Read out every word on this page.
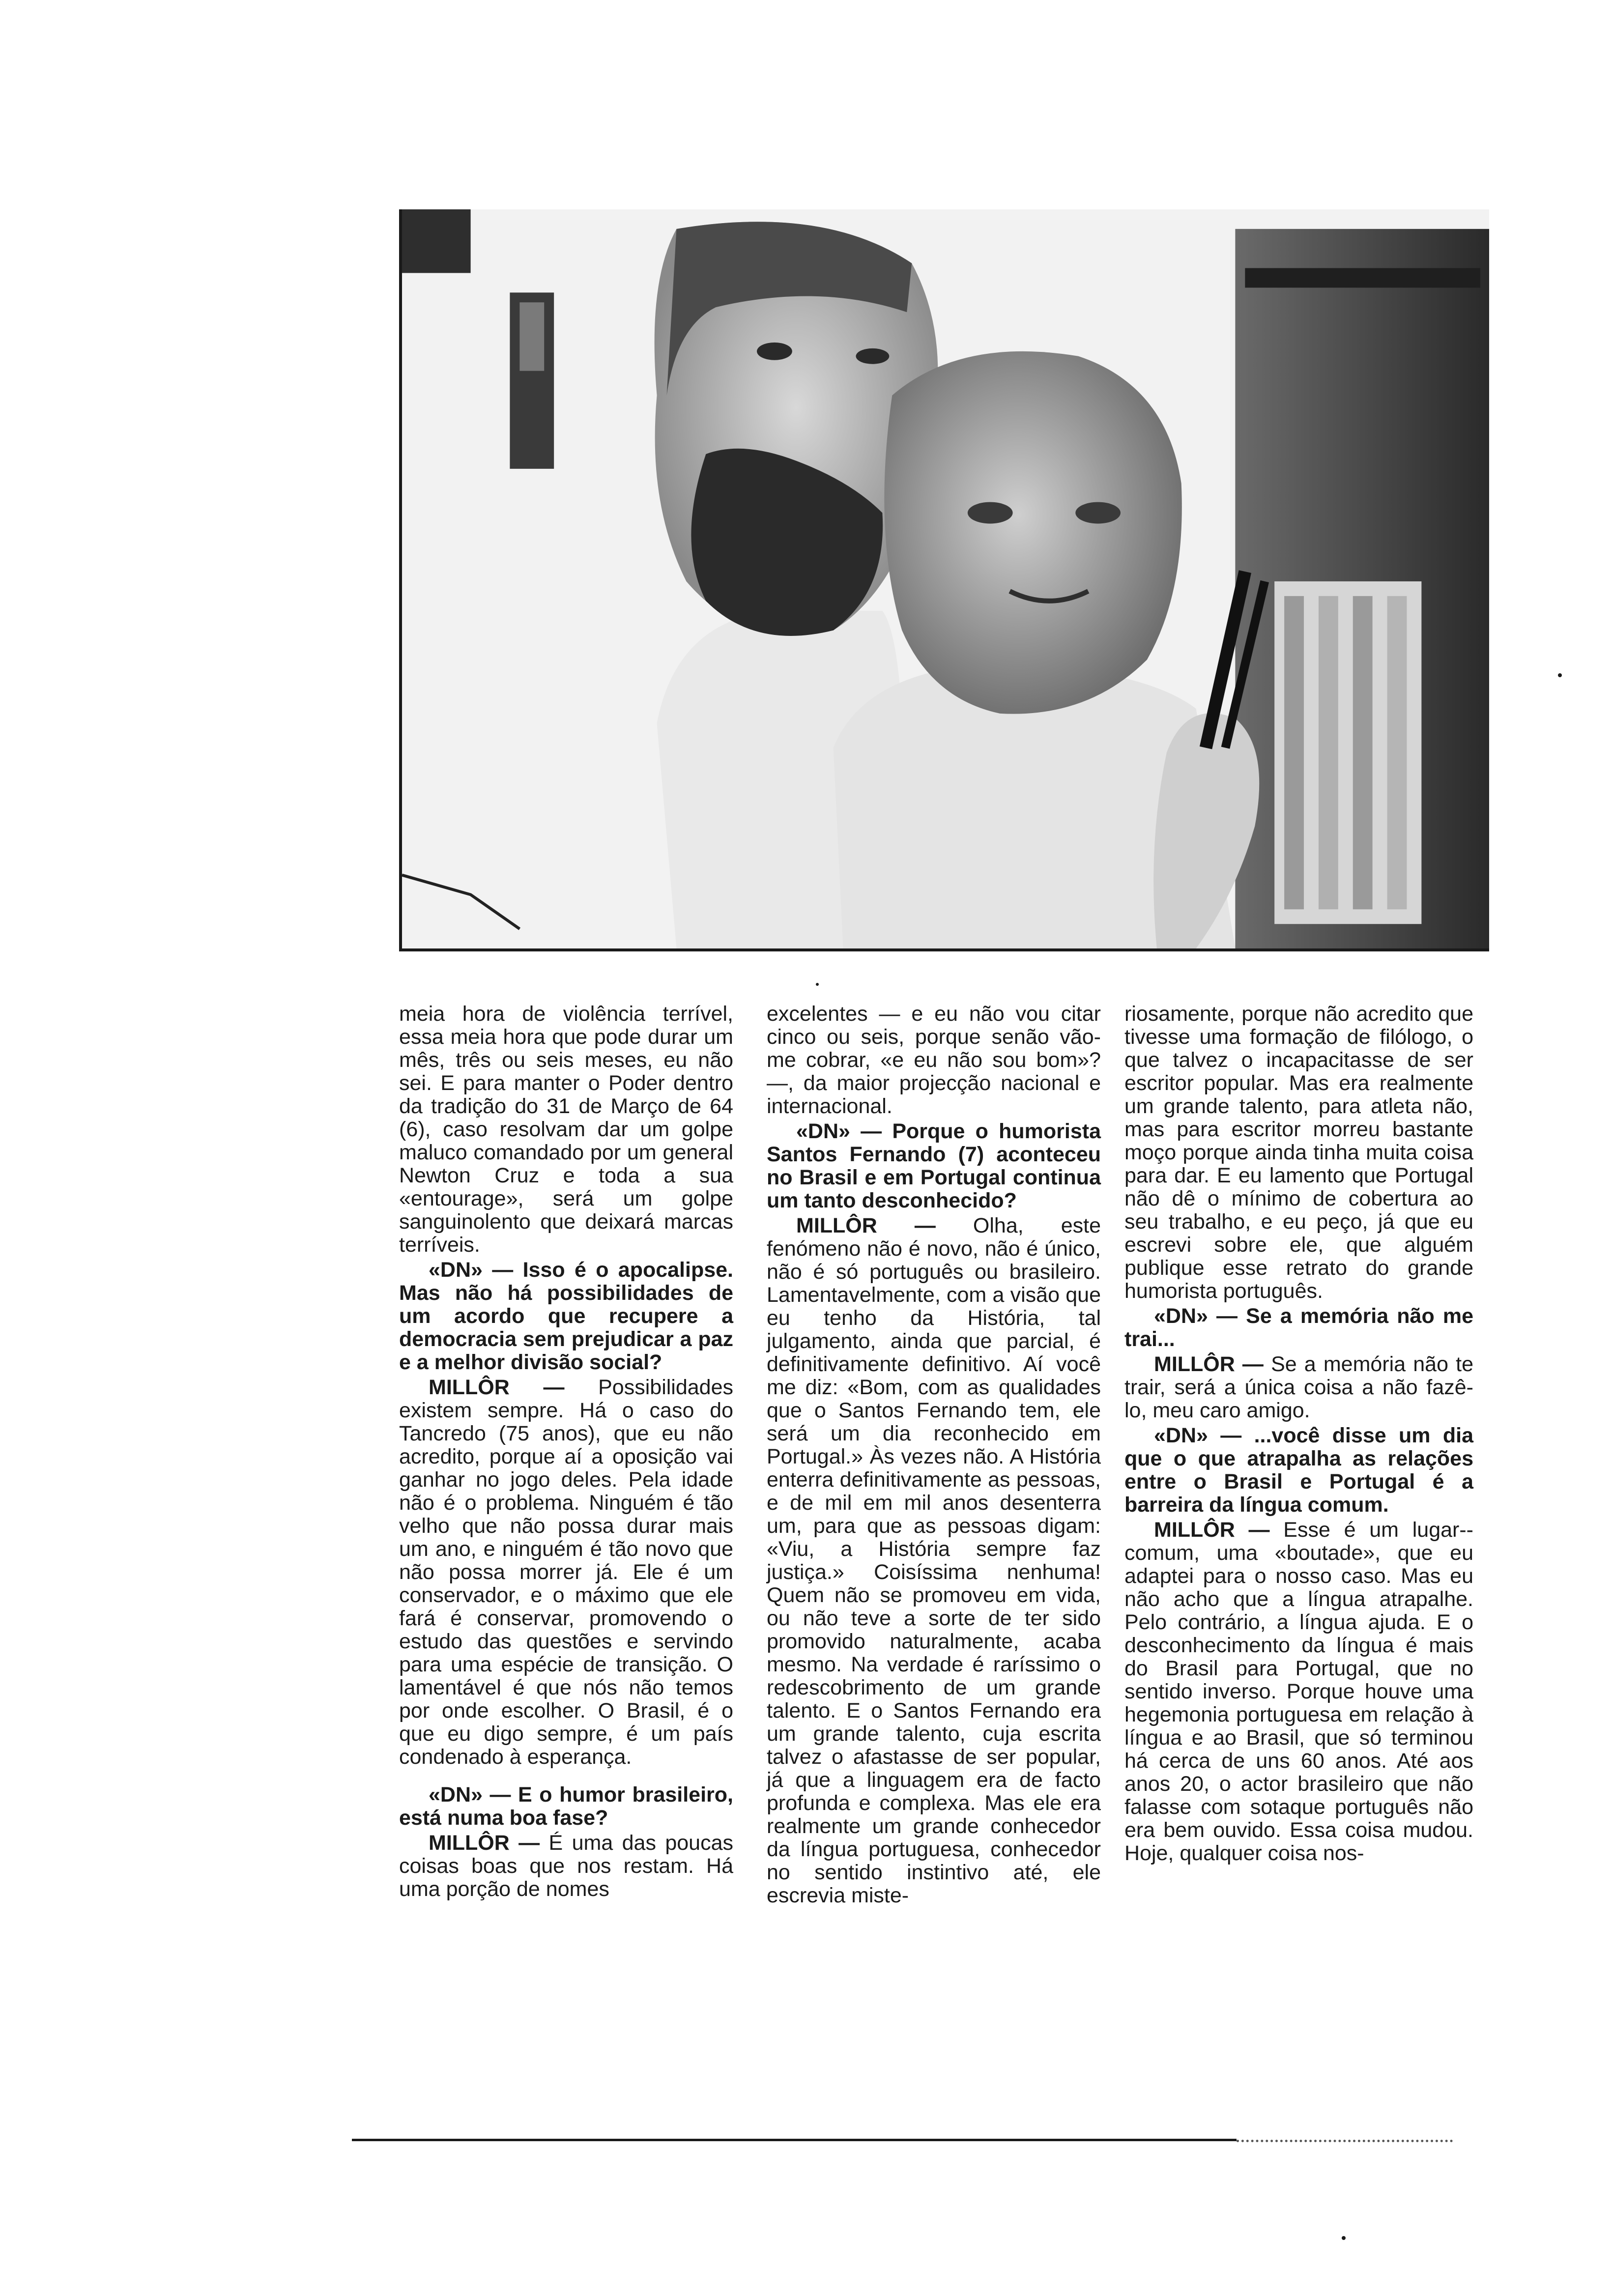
meia hora de violência terrível, essa meia hora que pode durar um mês, três ou seis meses, eu não sei. E para manter o Poder dentro da tradição do 31 de Março de 64 (6), caso resolvam dar um golpe maluco comandado por um general Newton Cruz e toda a sua «entourage», será um golpe sanguinolento que deixará marcas terríveis.

«DN» — Isso é o apocalipse. Mas não há possibilidades de um acordo que recupere a democracia sem prejudicar a paz e a melhor divisão social?

MILLÔR — Possibilidades existem sempre. Há o caso do Tancredo (75 anos), que eu não acredito, porque aí a oposição vai ganhar no jogo deles. Pela idade não é o problema. Ninguém é tão velho que não possa durar mais um ano, e ninguém é tão novo que não possa morrer já. Ele é um conservador, e o máximo que ele fará é conservar, promovendo o estudo das questões e servindo para uma espécie de transição. O lamentável é que nós não temos por onde escolher. O Brasil, é o que eu digo sempre, é um país condenado à esperança.

«DN» — E o humor brasileiro, está numa boa fase?

MILLÔR — É uma das poucas coisas boas que nos restam. Há uma porção de nomes

excelentes — e eu não vou citar cinco ou seis, porque senão vão-me cobrar, «e eu não sou bom»? —, da maior projecção nacional e internacional.

«DN» — Porque o humorista Santos Fernando (7) aconteceu no Brasil e em Portugal continua um tanto desconhecido?

MILLÔR — Olha, este fenómeno não é novo, não é único, não é só português ou brasileiro. Lamentavelmente, com a visão que eu tenho da História, tal julgamento, ainda que parcial, é definitivamente definitivo. Aí você me diz: «Bom, com as qualidades que o Santos Fernando tem, ele será um dia reconhecido em Portugal.» Às vezes não. A História enterra definitivamente as pessoas, e de mil em mil anos desenterra um, para que as pessoas digam: «Viu, a História sempre faz justiça.» Coisíssima nenhuma! Quem não se promoveu em vida, ou não teve a sorte de ter sido promovido naturalmente, acaba mesmo. Na verdade é raríssimo o redescobrimento de um grande talento. E o Santos Fernando era um grande talento, cuja escrita talvez o afastasse de ser popular, já que a linguagem era de facto profunda e complexa. Mas ele era realmente um grande conhecedor da língua portuguesa, conhecedor no sentido instintivo até, ele escrevia miste-

riosamente, porque não acredito que tivesse uma formação de filólogo, o que talvez o incapacitasse de ser escritor popular. Mas era realmente um grande talento, para atleta não, mas para escritor morreu bastante moço porque ainda tinha muita coisa para dar. E eu lamento que Portugal não dê o mínimo de cobertura ao seu trabalho, e eu peço, já que eu escrevi sobre ele, que alguém publique esse retrato do grande humorista português.

«DN» — Se a memória não me trai...

MILLÔR — Se a memória não te trair, será a única coisa a não fazê-lo, meu caro amigo.

«DN» — ...você disse um dia que o que atrapalha as relações entre o Brasil e Portugal é a barreira da língua comum.

MILLÔR — Esse é um lugar--comum, uma «boutade», que eu adaptei para o nosso caso. Mas eu não acho que a língua atrapalhe. Pelo contrário, a língua ajuda. E o desconhecimento da língua é mais do Brasil para Portugal, que no sentido inverso. Porque houve uma hegemonia portuguesa em relação à língua e ao Brasil, que só terminou há cerca de uns 60 anos. Até aos anos 20, o actor brasileiro que não falasse com sotaque português não era bem ouvido. Essa coisa mudou. Hoje, qualquer coisa nos-
